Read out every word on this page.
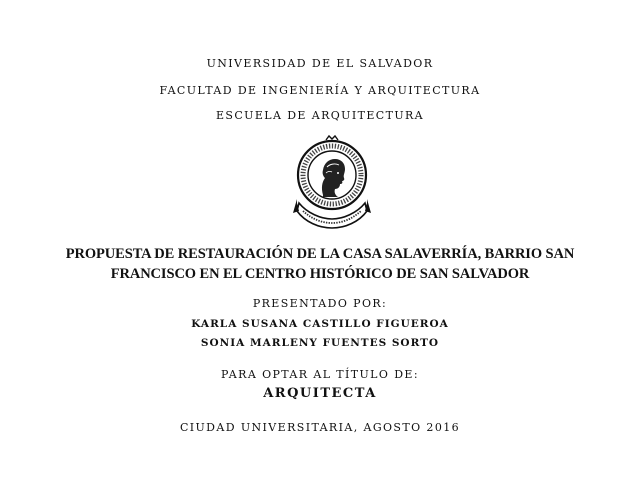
UNIVERSIDAD DE EL SALVADOR

FACULTAD DE INGENIERÍA Y ARQUITECTURA

ESCUELA DE ARQUITECTURA

PROPUESTA DE RESTAURACIÓN DE LA CASA SALAVERRÍA, BARRIO SAN

FRANCISCO EN EL CENTRO HISTÓRICO DE SAN SALVADOR

PRESENTADO POR:

KARLA SUSANA CASTILLO FIGUEROA

SONIA MARLENY FUENTES SORTO

PARA OPTAR AL TÍTULO DE:

ARQUITECTA

CIUDAD UNIVERSITARIA, AGOSTO 2016
